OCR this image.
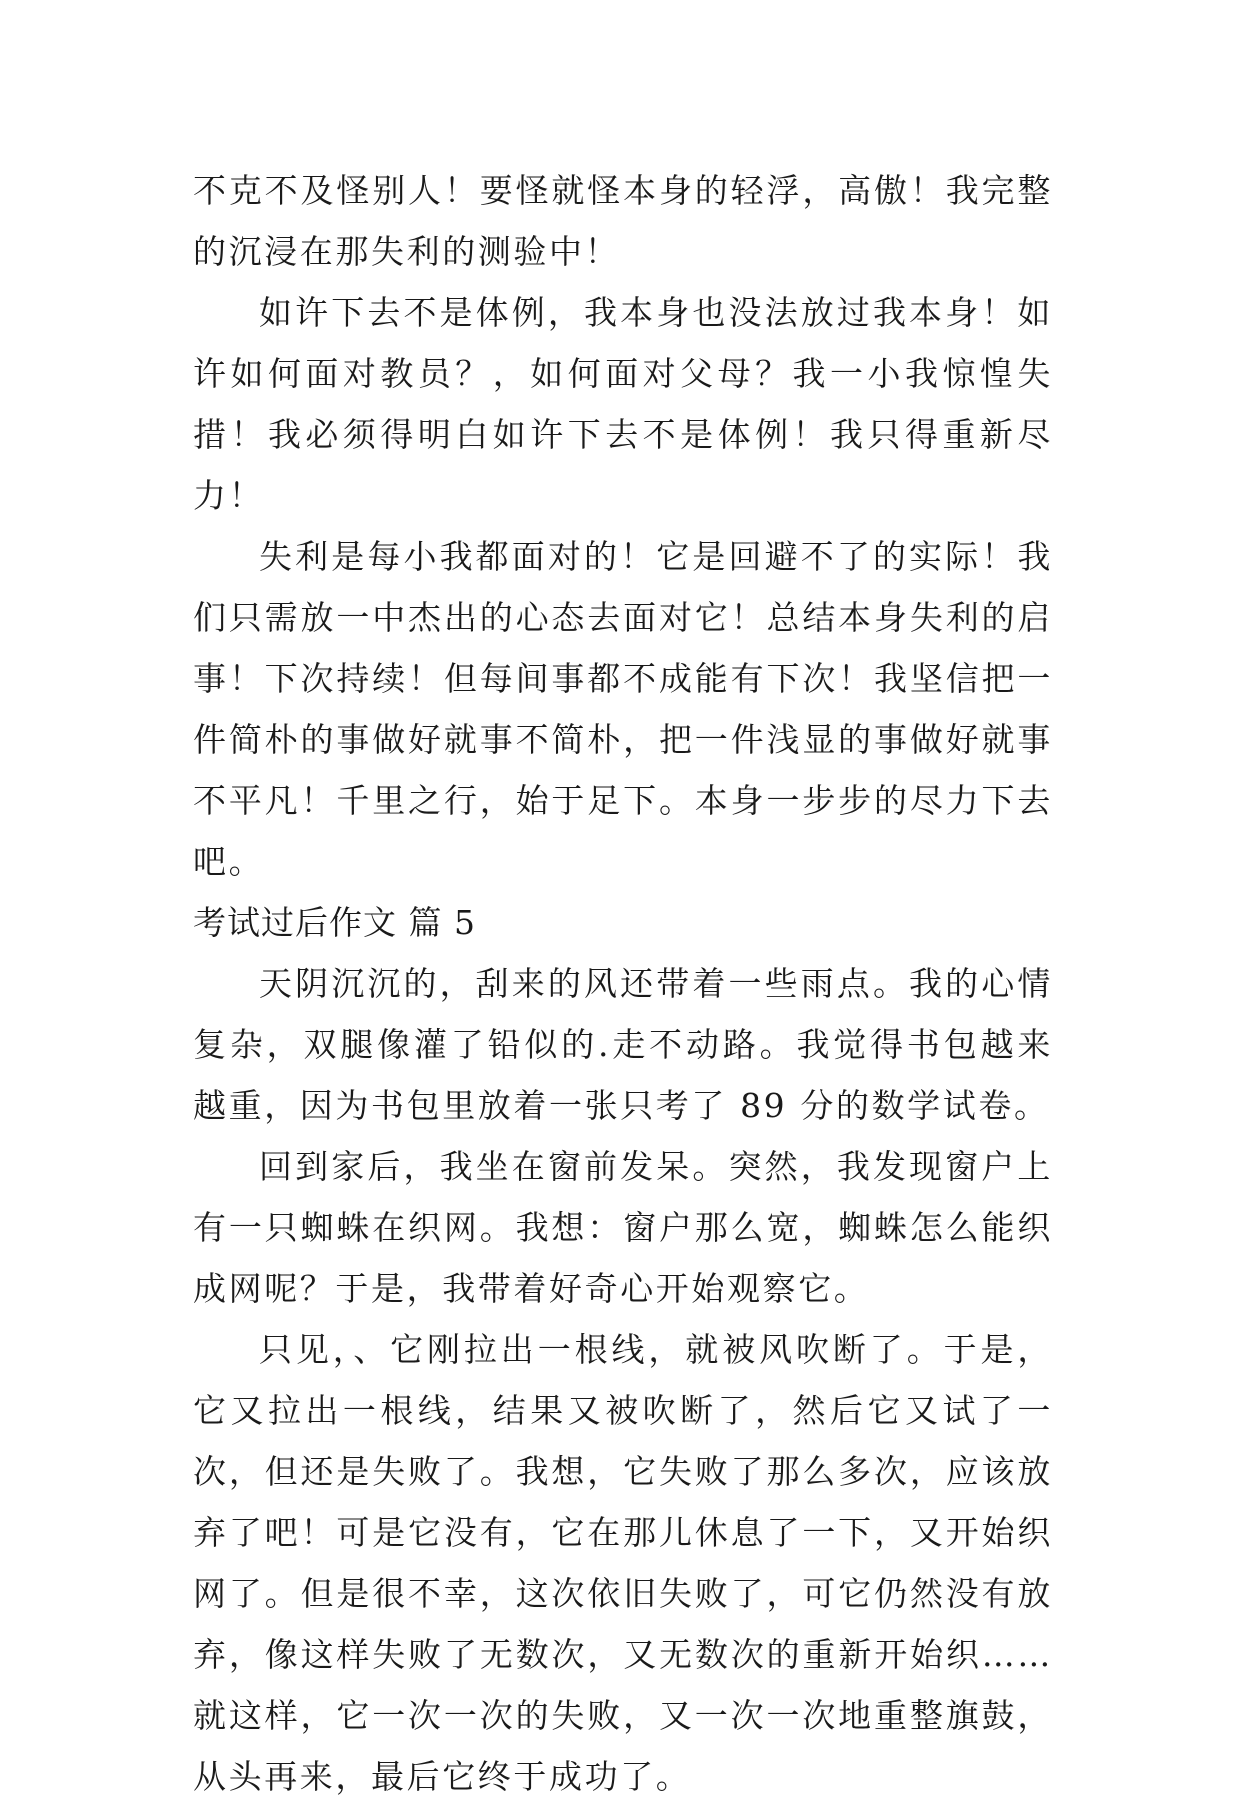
不克不及怪别人！要怪就怪本身的轻浮，高傲！我完整的沉浸在那失利的测验中！

如许下去不是体例，我本身也没法放过我本身！如许如何面对教员？，如何面对父母？我一小我惊惶失措！我必须得明白如许下去不是体例！我只得重新尽力！

失利是每小我都面对的！它是回避不了的实际！我们只需放一中杰出的心态去面对它！总结本身失利的启事！下次持续！但每间事都不成能有下次！我坚信把一件简朴的事做好就事不简朴，把一件浅显的事做好就事不平凡！千里之行，始于足下。本身一步步的尽力下去吧。

考试过后作文 篇 5

天阴沉沉的，刮来的风还带着一些雨点。我的心情复杂，双腿像灌了铅似的.走不动路。我觉得书包越来越重，因为书包里放着一张只考了 89 分的数学试卷。

回到家后，我坐在窗前发呆。突然，我发现窗户上有一只蜘蛛在织网。我想：窗户那么宽，蜘蛛怎么能织成网呢？于是，我带着好奇心开始观察它。

只见，、它刚拉出一根线，就被风吹断了。于是，它又拉出一根线，结果又被吹断了，然后它又试了一次，但还是失败了。我想，它失败了那么多次，应该放弃了吧！可是它没有，它在那儿休息了一下，又开始织网了。但是很不幸，这次依旧失败了，可它仍然没有放弃，像这样失败了无数次，又无数次的重新开始织……就这样，它一次一次的失败，又一次一次地重整旗鼓，从头再来，最后它终于成功了。
